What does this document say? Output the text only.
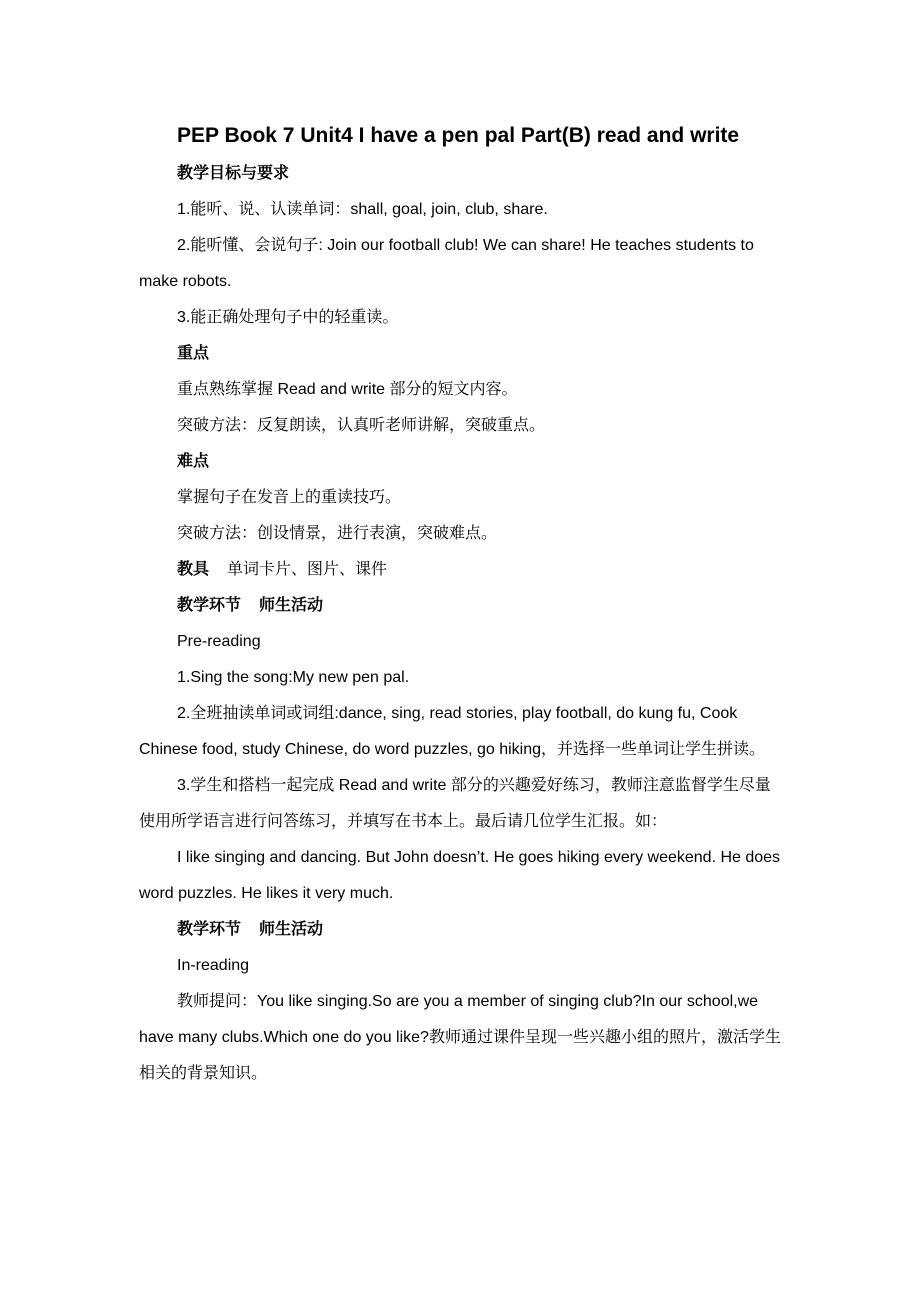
PEP Book 7 Unit4 I have a pen pal Part(B) read and write

教学目标与要求

1.能听、说、认读单词：shall, goal, join, club, share.

2.能听懂、会说句子: Join our football club! We can share! He teaches students to make robots.

3.能正确处理句子中的轻重读。

重点

重点熟练掌握 Read and write 部分的短文内容。

突破方法：反复朗读，认真听老师讲解，突破重点。

难点

掌握句子在发音上的重读技巧。

突破方法：创设情景，进行表演，突破难点。

教具 单词卡片、图片、课件

教学环节 师生活动

Pre-reading

1.Sing the song:My new pen pal.

2.全班抽读单词或词组:dance, sing, read stories, play football, do kung fu, Cook Chinese food, study Chinese, do word puzzles, go hiking，并选择一些单词让学生拼读。

3.学生和搭档一起完成 Read and write 部分的兴趣爱好练习，教师注意监督学生尽量使用所学语言进行问答练习，并填写在书本上。最后请几位学生汇报。如：

I like singing and dancing. But John doesn’t. He goes hiking every weekend. He does word puzzles. He likes it very much.

教学环节 师生活动

In-reading

教师提问：You like singing.So are you a member of singing club?In our school,we have many clubs.Which one do you like?教师通过课件呈现一些兴趣小组的照片，激活学生相关的背景知识。
